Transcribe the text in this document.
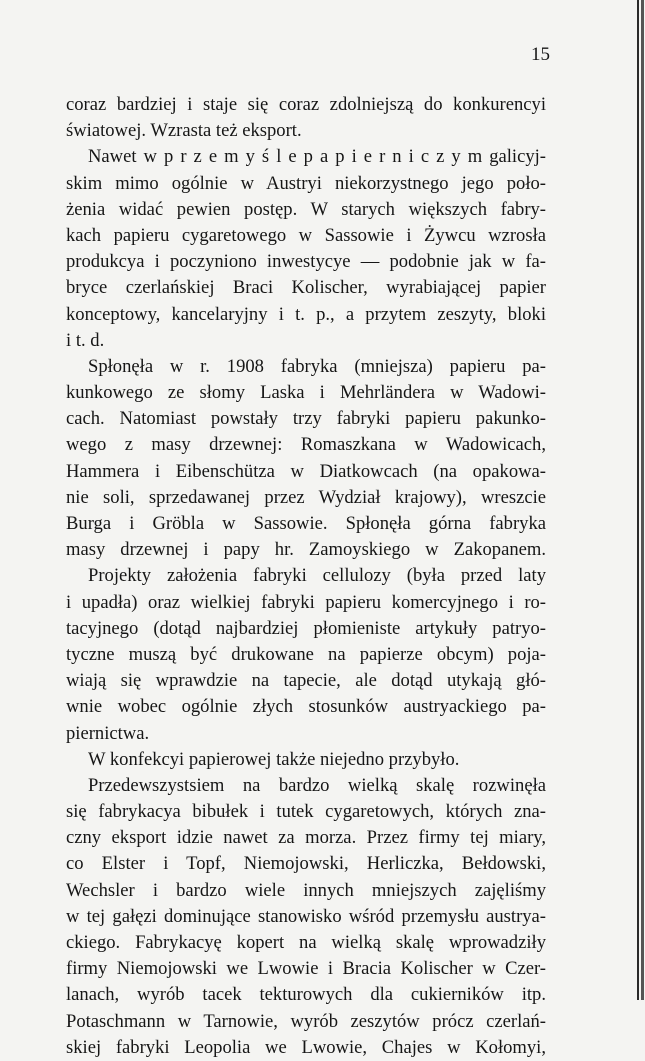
15
coraz bardziej i staje się coraz zdolniejszą do konkurencyi
światowej. Wzrasta też eksport.
Nawet w p r z e m y ś l e p a p i e r n i c z y m galicyj-
skim mimo ogólnie w Austryi niekorzystnego jego poło-
żenia widać pewien postęp. W starych większych fabry-
kach papieru cygaretowego w Sassowie i Żywcu wzrosła
produkcya i poczyniono inwestycye — podobnie jak w fa-
bryce czerlańskiej Braci Kolischer, wyrabiającej papier
konceptowy, kancelaryjny i t. p., a przytem zeszyty, bloki
i t. d.
Spłonęła w r. 1908 fabryka (mniejsza) papieru pa-
kunkowego ze słomy Laska i Mehrländera w Wadowi-
cach. Natomiast powstały trzy fabryki papieru pakunko-
wego z masy drzewnej: Romaszkana w Wadowicach,
Hammera i Eibenschütza w Diatkowcach (na opakowa-
nie soli, sprzedawanej przez Wydział krajowy), wreszcie
Burga i Gröbla w Sassowie. Spłonęła górna fabryka
masy drzewnej i papy hr. Zamoyskiego w Zakopanem.
Projekty założenia fabryki cellulozy (była przed laty
i upadła) oraz wielkiej fabryki papieru komercyjnego i ro-
tacyjnego (dotąd najbardziej płomieniste artykuły patryo-
tyczne muszą być drukowane na papierze obcym) poja-
wiają się wprawdzie na tapecie, ale dotąd utykają głó-
wnie wobec ogólnie złych stosunków austryackiego pa-
piernictwa.
W konfekcyi papierowej także niejedno przybyło.
Przedewszystsiem na bardzo wielką skalę rozwinęła
się fabrykacya bibułek i tutek cygaretowych, których zna-
czny eksport idzie nawet za morza. Przez firmy tej miary,
co Elster i Topf, Niemojowski, Herliczka, Bełdowski,
Wechsler i bardzo wiele innych mniejszych zajęliśmy
w tej gałęzi dominujące stanowisko wśród przemysłu austrya-
ckiego. Fabrykacyę kopert na wielką skalę wprowadziły
firmy Niemojowski we Lwowie i Bracia Kolischer w Czer-
lanach, wyrób tacek tekturowych dla cukierników itp.
Potaschmann w Tarnowie, wyrób zeszytów prócz czerlań-
skiej fabryki Leopolia we Lwowie, Chajes w Kołomyi,
